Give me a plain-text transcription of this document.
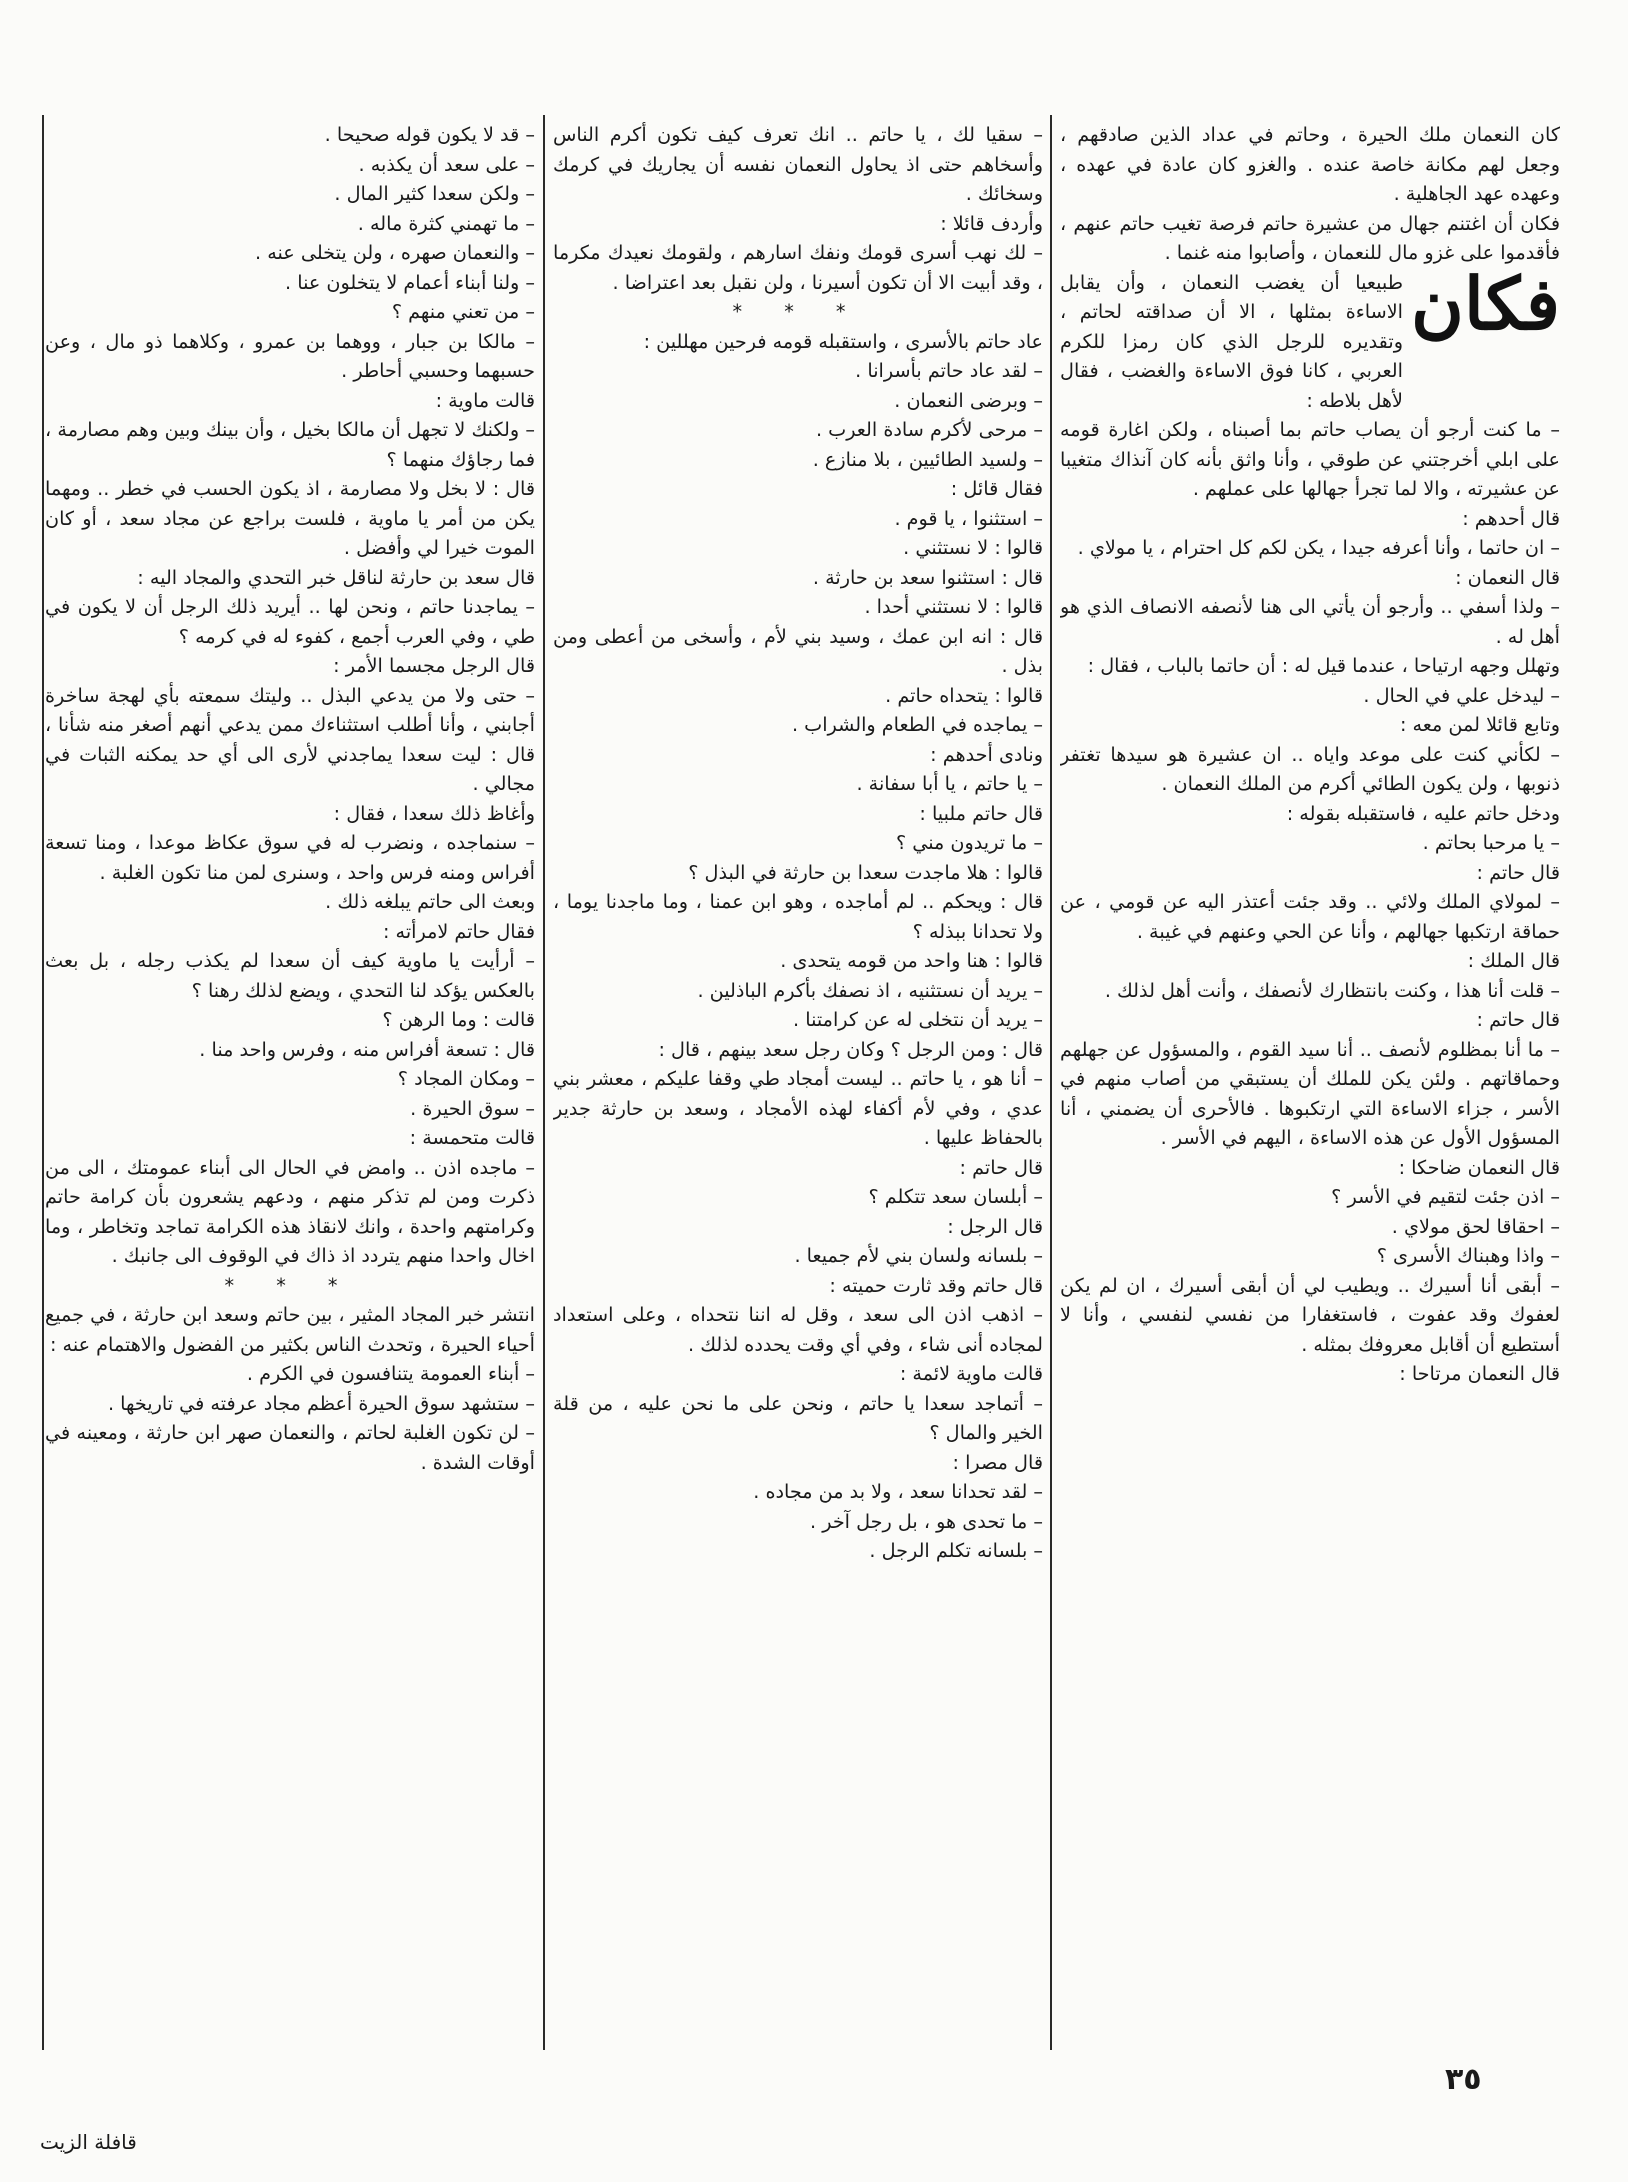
كان النعمان ملك الحيرة ، وحاتم في عداد الذين صادقهم ، وجعل لهم مكانة خاصة عنده . والغزو كان عادة في عهده ، وعهده عهد الجاهلية .

فكان أن اغتنم جهال من عشيرة حاتم فرصة تغيب حاتم عنهم ، فأقدموا على غزو مال للنعمان ، وأصابوا منه غنما .

فكان
طبيعيا أن يغضب النعمان ، وأن يقابل الاساءة بمثلها ، الا أن صداقته لحاتم ، وتقديره للرجل الذي كان رمزا للكرم العربي ، كانا فوق الاساءة والغضب ، فقال لأهل بلاطه :

– ما كنت أرجو أن يصاب حاتم بما أصبناه ، ولكن اغارة قومه على ابلي أخرجتني عن طوقي ، وأنا واثق بأنه كان آنذاك متغيبا عن عشيرته ، والا لما تجرأ جهالها على عملهم .

قال أحدهم :

– ان حاتما ، وأنا أعرفه جيدا ، يكن لكم كل احترام ، يا مولاي .

قال النعمان :

– ولذا أسفي .. وأرجو أن يأتي الى هنا لأنصفه الانصاف الذي هو أهل له .

وتهلل وجهه ارتياحا ، عندما قيل له : أن حاتما بالباب ، فقال :

– ليدخل علي في الحال .

وتابع قائلا لمن معه :

– لكأني كنت على موعد واياه .. ان عشيرة هو سيدها تغتفر ذنوبها ، ولن يكون الطائي أكرم من الملك النعمان .

ودخل حاتم عليه ، فاستقبله بقوله :

– يا مرحبا بحاتم .

قال حاتم :

– لمولاي الملك ولائي .. وقد جئت أعتذر اليه عن قومي ، عن حماقة ارتكبها جهالهم ، وأنا عن الحي وعنهم في غيبة .

قال الملك :

– قلت أنا هذا ، وكنت بانتظارك لأنصفك ، وأنت أهل لذلك .

قال حاتم :

– ما أنا بمظلوم لأنصف .. أنا سيد القوم ، والمسؤول عن جهلهم وحماقاتهم . ولئن يكن للملك أن يستبقي من أصاب منهم في الأسر ، جزاء الاساءة التي ارتكبوها . فالأحرى أن يضمني ، أنا المسؤول الأول عن هذه الاساءة ، اليهم في الأسر .

قال النعمان ضاحكا :

– اذن جئت لتقيم في الأسر ؟

– احقاقا لحق مولاي .

– واذا وهبناك الأسرى ؟

– أبقى أنا أسيرك .. ويطيب لي أن أبقى أسيرك ، ان لم يكن لعفوك وقد عفوت ، فاستغفارا من نفسي لنفسي ، وأنا لا أستطيع أن أقابل معروفك بمثله .

قال النعمان مرتاحا :

– سقيا لك ، يا حاتم .. انك تعرف كيف تكون أكرم الناس وأسخاهم حتى اذ يحاول النعمان نفسه أن يجاريك في كرمك وسخائك .

وأردف قائلا :

– لك نهب أسرى قومك ونفك اسارهم ، ولقومك نعيدك مكرما ، وقد أبيت الا أن تكون أسيرنا ، ولن نقبل بعد اعتراضا .

* * *

عاد حاتم بالأسرى ، واستقبله قومه فرحين مهللين :

– لقد عاد حاتم بأسرانا .

– وبرضى النعمان .

– مرحى لأكرم سادة العرب .

– ولسيد الطائيين ، بلا منازع .

فقال قائل :

– استثنوا ، يا قوم .

قالوا : لا نستثني .

قال : استثنوا سعد بن حارثة .

قالوا : لا نستثني أحدا .

قال : انه ابن عمك ، وسيد بني لأم ، وأسخى من أعطى ومن بذل .

قالوا : يتحداه حاتم .

– يماجده في الطعام والشراب .

ونادى أحدهم :

– يا حاتم ، يا أبا سفانة .

قال حاتم ملبيا :

– ما تريدون مني ؟

قالوا : هلا ماجدت سعدا بن حارثة في البذل ؟

قال : ويحكم .. لم أماجده ، وهو ابن عمنا ، وما ماجدنا يوما ، ولا تحدانا ببذله ؟

قالوا : هنا واحد من قومه يتحدى .

– يريد أن نستثنيه ، اذ نصفك بأكرم الباذلين .

– يريد أن نتخلى له عن كرامتنا .

قال : ومن الرجل ؟ وكان رجل سعد بينهم ، قال :

– أنا هو ، يا حاتم .. ليست أمجاد طي وقفا عليكم ، معشر بني عدي ، وفي لأم أكفاء لهذه الأمجاد ، وسعد بن حارثة جدير بالحفاظ عليها .

قال حاتم :

– أبلسان سعد تتكلم ؟

قال الرجل :

– بلسانه ولسان بني لأم جميعا .

قال حاتم وقد ثارت حميته :

– اذهب اذن الى سعد ، وقل له اننا نتحداه ، وعلى استعداد لمجاده أنى شاء ، وفي أي وقت يحدده لذلك .

قالت ماوية لائمة :

– أتماجد سعدا يا حاتم ، ونحن على ما نحن عليه ، من قلة الخير والمال ؟

قال مصرا :

– لقد تحدانا سعد ، ولا بد من مجاده .

– ما تحدى هو ، بل رجل آخر .

– بلسانه تكلم الرجل .

– قد لا يكون قوله صحيحا .

– على سعد أن يكذبه .

– ولكن سعدا كثير المال .

– ما تهمني كثرة ماله .

– والنعمان صهره ، ولن يتخلى عنه .

– ولنا أبناء أعمام لا يتخلون عنا .

– من تعني منهم ؟

– مالكا بن جبار ، ووهما بن عمرو ، وكلاهما ذو مال ، وعن حسبهما وحسبي أحاطر .

قالت ماوية :

– ولكنك لا تجهل أن مالكا بخيل ، وأن بينك وبين وهم مصارمة ، فما رجاؤك منهما ؟

قال : لا بخل ولا مصارمة ، اذ يكون الحسب في خطر .. ومهما يكن من أمر يا ماوية ، فلست براجع عن مجاد سعد ، أو كان الموت خيرا لي وأفضل .

قال سعد بن حارثة لناقل خبر التحدي والمجاد اليه :

– يماجدنا حاتم ، ونحن لها .. أيريد ذلك الرجل أن لا يكون في طي ، وفي العرب أجمع ، كفوء له في كرمه ؟

قال الرجل مجسما الأمر :

– حتى ولا من يدعي البذل .. وليتك سمعته بأي لهجة ساخرة أجابني ، وأنا أطلب استثناءك ممن يدعي أنهم أصغر منه شأنا ، قال : ليت سعدا يماجدني لأرى الى أي حد يمكنه الثبات في مجالي .

وأغاظ ذلك سعدا ، فقال :

– سنماجده ، ونضرب له في سوق عكاظ موعدا ، ومنا تسعة أفراس ومنه فرس واحد ، وسنرى لمن منا تكون الغلبة .

وبعث الى حاتم يبلغه ذلك .

فقال حاتم لامرأته :

– أرأيت يا ماوية كيف أن سعدا لم يكذب رجله ، بل بعث بالعكس يؤكد لنا التحدي ، ويضع لذلك رهنا ؟

قالت : وما الرهن ؟

قال : تسعة أفراس منه ، وفرس واحد منا .

– ومكان المجاد ؟

– سوق الحيرة .

قالت متحمسة :

– ماجده اذن .. وامض في الحال الى أبناء عمومتك ، الى من ذكرت ومن لم تذكر منهم ، ودعهم يشعرون بأن كرامة حاتم وكرامتهم واحدة ، وانك لانقاذ هذه الكرامة تماجد وتخاطر ، وما اخال واحدا منهم يتردد اذ ذاك في الوقوف الى جانبك .

* * *

انتشر خبر المجاد المثير ، بين حاتم وسعد ابن حارثة ، في جميع أحياء الحيرة ، وتحدث الناس بكثير من الفضول والاهتمام عنه :

– أبناء العمومة يتنافسون في الكرم .

– ستشهد سوق الحيرة أعظم مجاد عرفته في تاريخها .

– لن تكون الغلبة لحاتم ، والنعمان صهر ابن حارثة ، ومعينه في أوقات الشدة .

٣٥
قافلة الزيت
